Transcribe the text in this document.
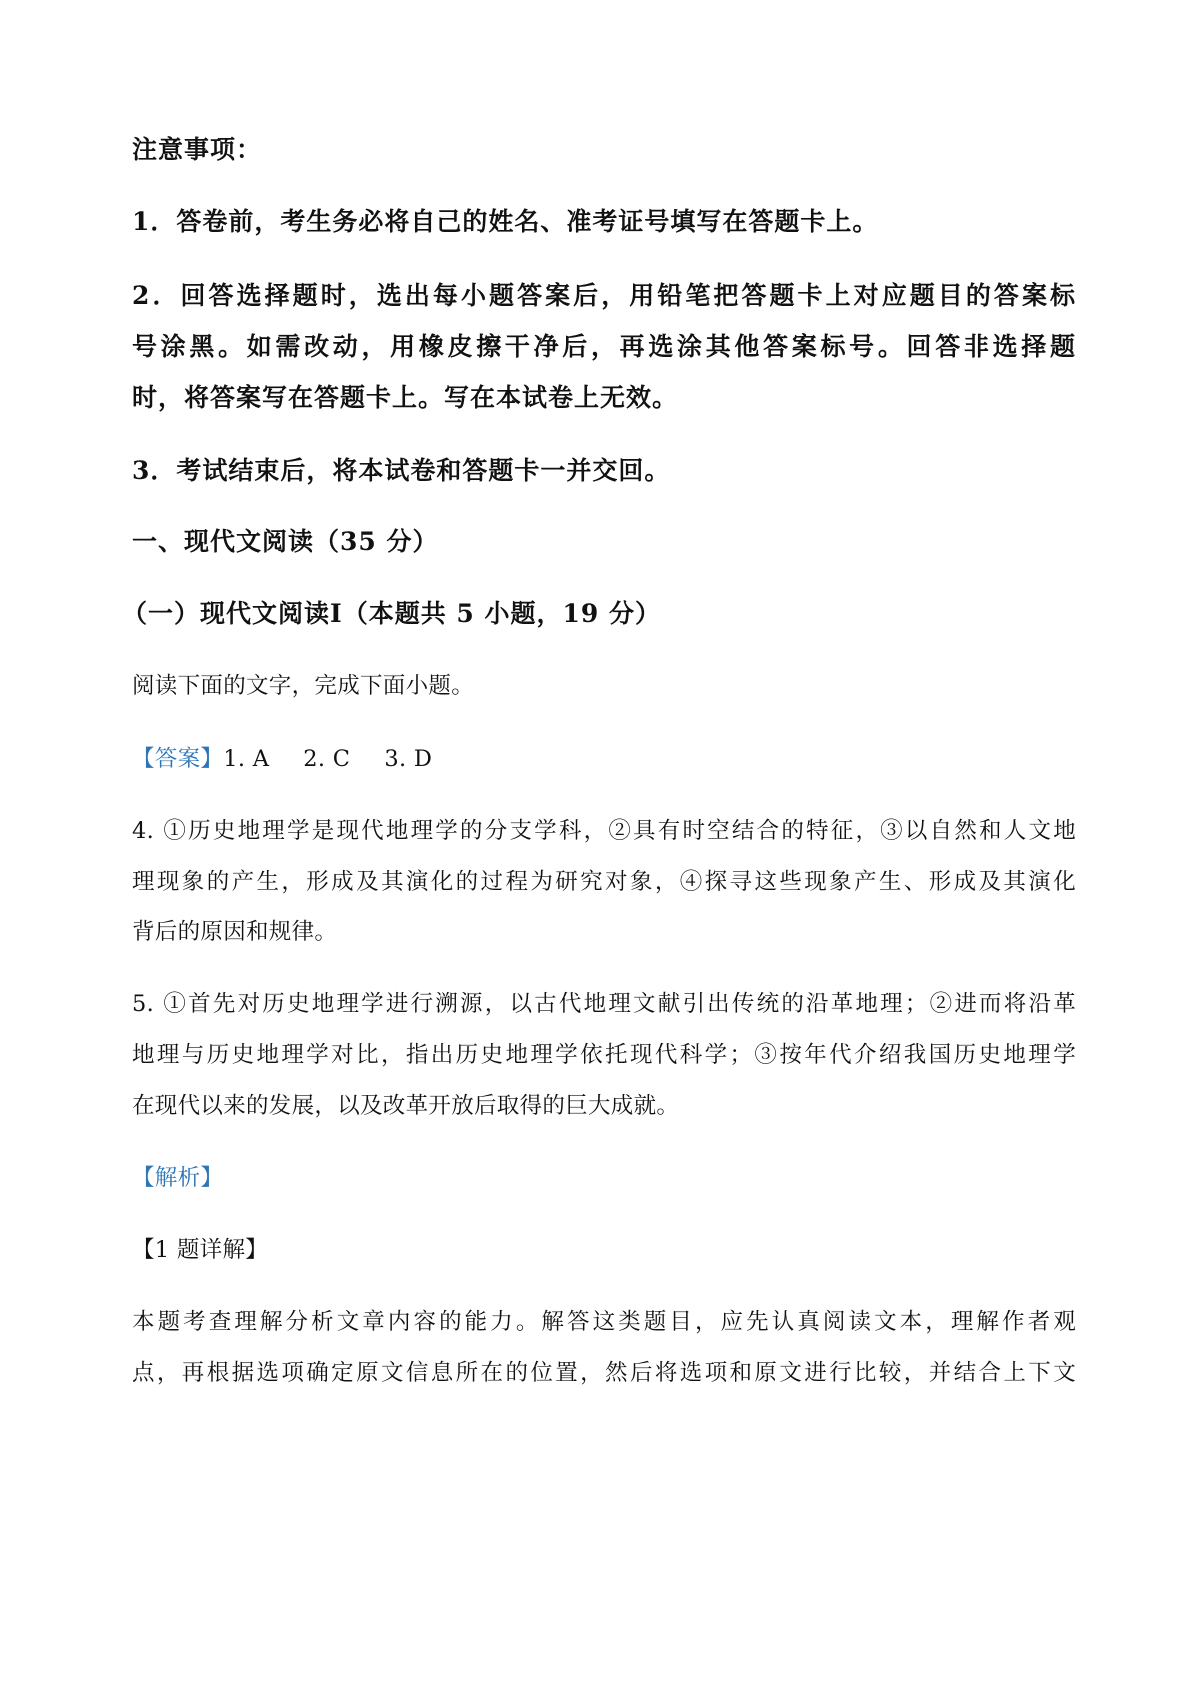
注意事项：

1．答卷前，考生务必将自己的姓名、准考证号填写在答题卡上。

2．回答选择题时，选出每小题答案后，用铅笔把答题卡上对应题目的答案标

号涂黑。如需改动，用橡皮擦干净后，再选涂其他答案标号。回答非选择题

时，将答案写在答题卡上。写在本试卷上无效。

3．考试结束后，将本试卷和答题卡一并交回。

一、现代文阅读（35 分）

（一）现代文阅读Ⅰ（本题共 5 小题，19 分）

阅读下面的文字，完成下面小题。

【答案】1. A 2. C 3. D

4. ①历史地理学是现代地理学的分支学科，②具有时空结合的特征，③以自然和人文地

理现象的产生，形成及其演化的过程为研究对象，④探寻这些现象产生、形成及其演化

背后的原因和规律。

5. ①首先对历史地理学进行溯源，以古代地理文献引出传统的沿革地理；②进而将沿革

地理与历史地理学对比，指出历史地理学依托现代科学；③按年代介绍我国历史地理学

在现代以来的发展，以及改革开放后取得的巨大成就。

【解析】

【1 题详解】

本题考查理解分析文章内容的能力。解答这类题目，应先认真阅读文本，理解作者观

点，再根据选项确定原文信息所在的位置，然后将选项和原文进行比较，并结合上下文
